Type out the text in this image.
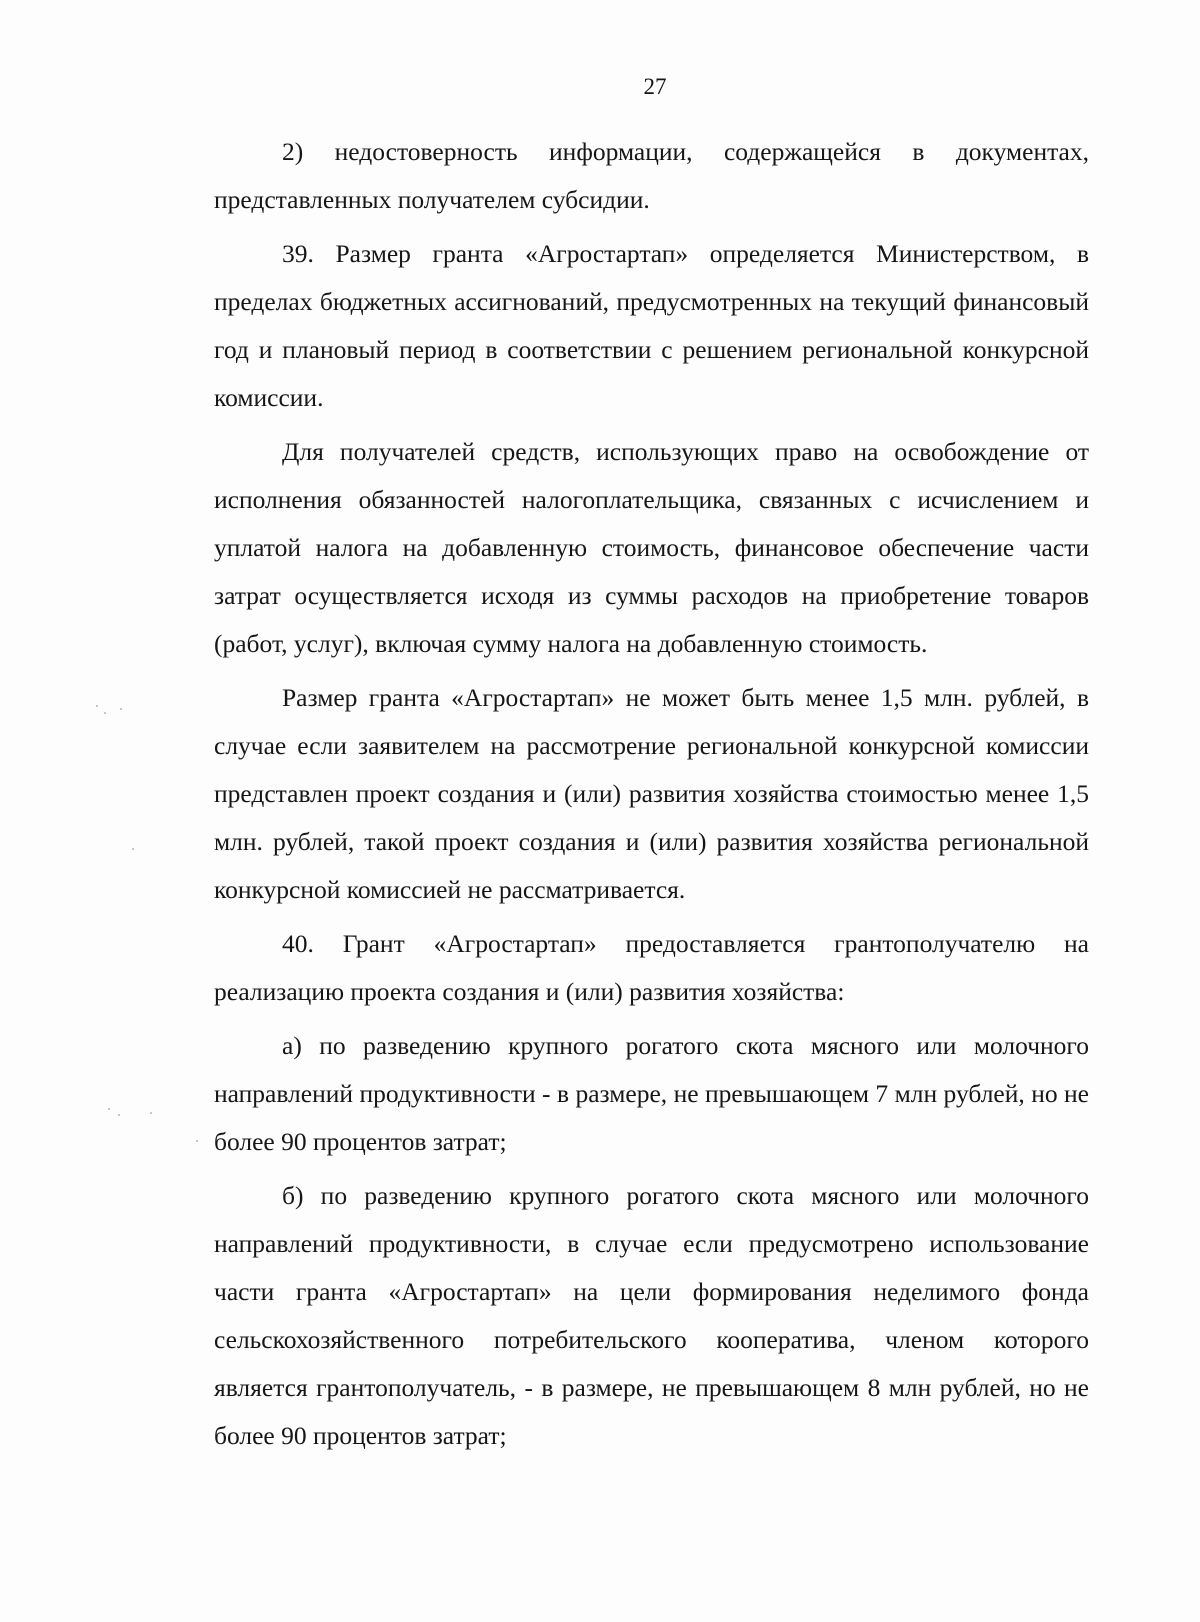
27

2) недостоверность информации, содержащейся в документах, представленных получателем субсидии.

39. Размер гранта «Агростартап» определяется Министерством, в пределах бюджетных ассигнований, предусмотренных на текущий финансовый год и плановый период в соответствии с решением региональной конкурсной комиссии.

Для получателей средств, использующих право на освобождение от исполнения обязанностей налогоплательщика, связанных с исчислением и уплатой налога на добавленную стоимость, финансовое обеспечение части затрат осуществляется исходя из суммы расходов на приобретение товаров (работ, услуг), включая сумму налога на добавленную стоимость.

Размер гранта «Агростартап» не может быть менее 1,5 млн. рублей, в случае если заявителем на рассмотрение региональной конкурсной комиссии представлен проект создания и (или) развития хозяйства стоимостью менее 1,5 млн. рублей, такой проект создания и (или) развития хозяйства региональной конкурсной комиссией не рассматривается.

40. Грант «Агростартап» предоставляется грантополучателю на реализацию проекта создания и (или) развития хозяйства:

а) по разведению крупного рогатого скота мясного или молочного направлений продуктивности - в размере, не превышающем 7 млн рублей, но не более 90 процентов затрат;

б) по разведению крупного рогатого скота мясного или молочного направлений продуктивности, в случае если предусмотрено использование части гранта «Агростартап» на цели формирования неделимого фонда сельскохозяйственного потребительского кооператива, членом которого является грантополучатель, - в размере, не превышающем 8 млн рублей, но не более 90 процентов затрат;
